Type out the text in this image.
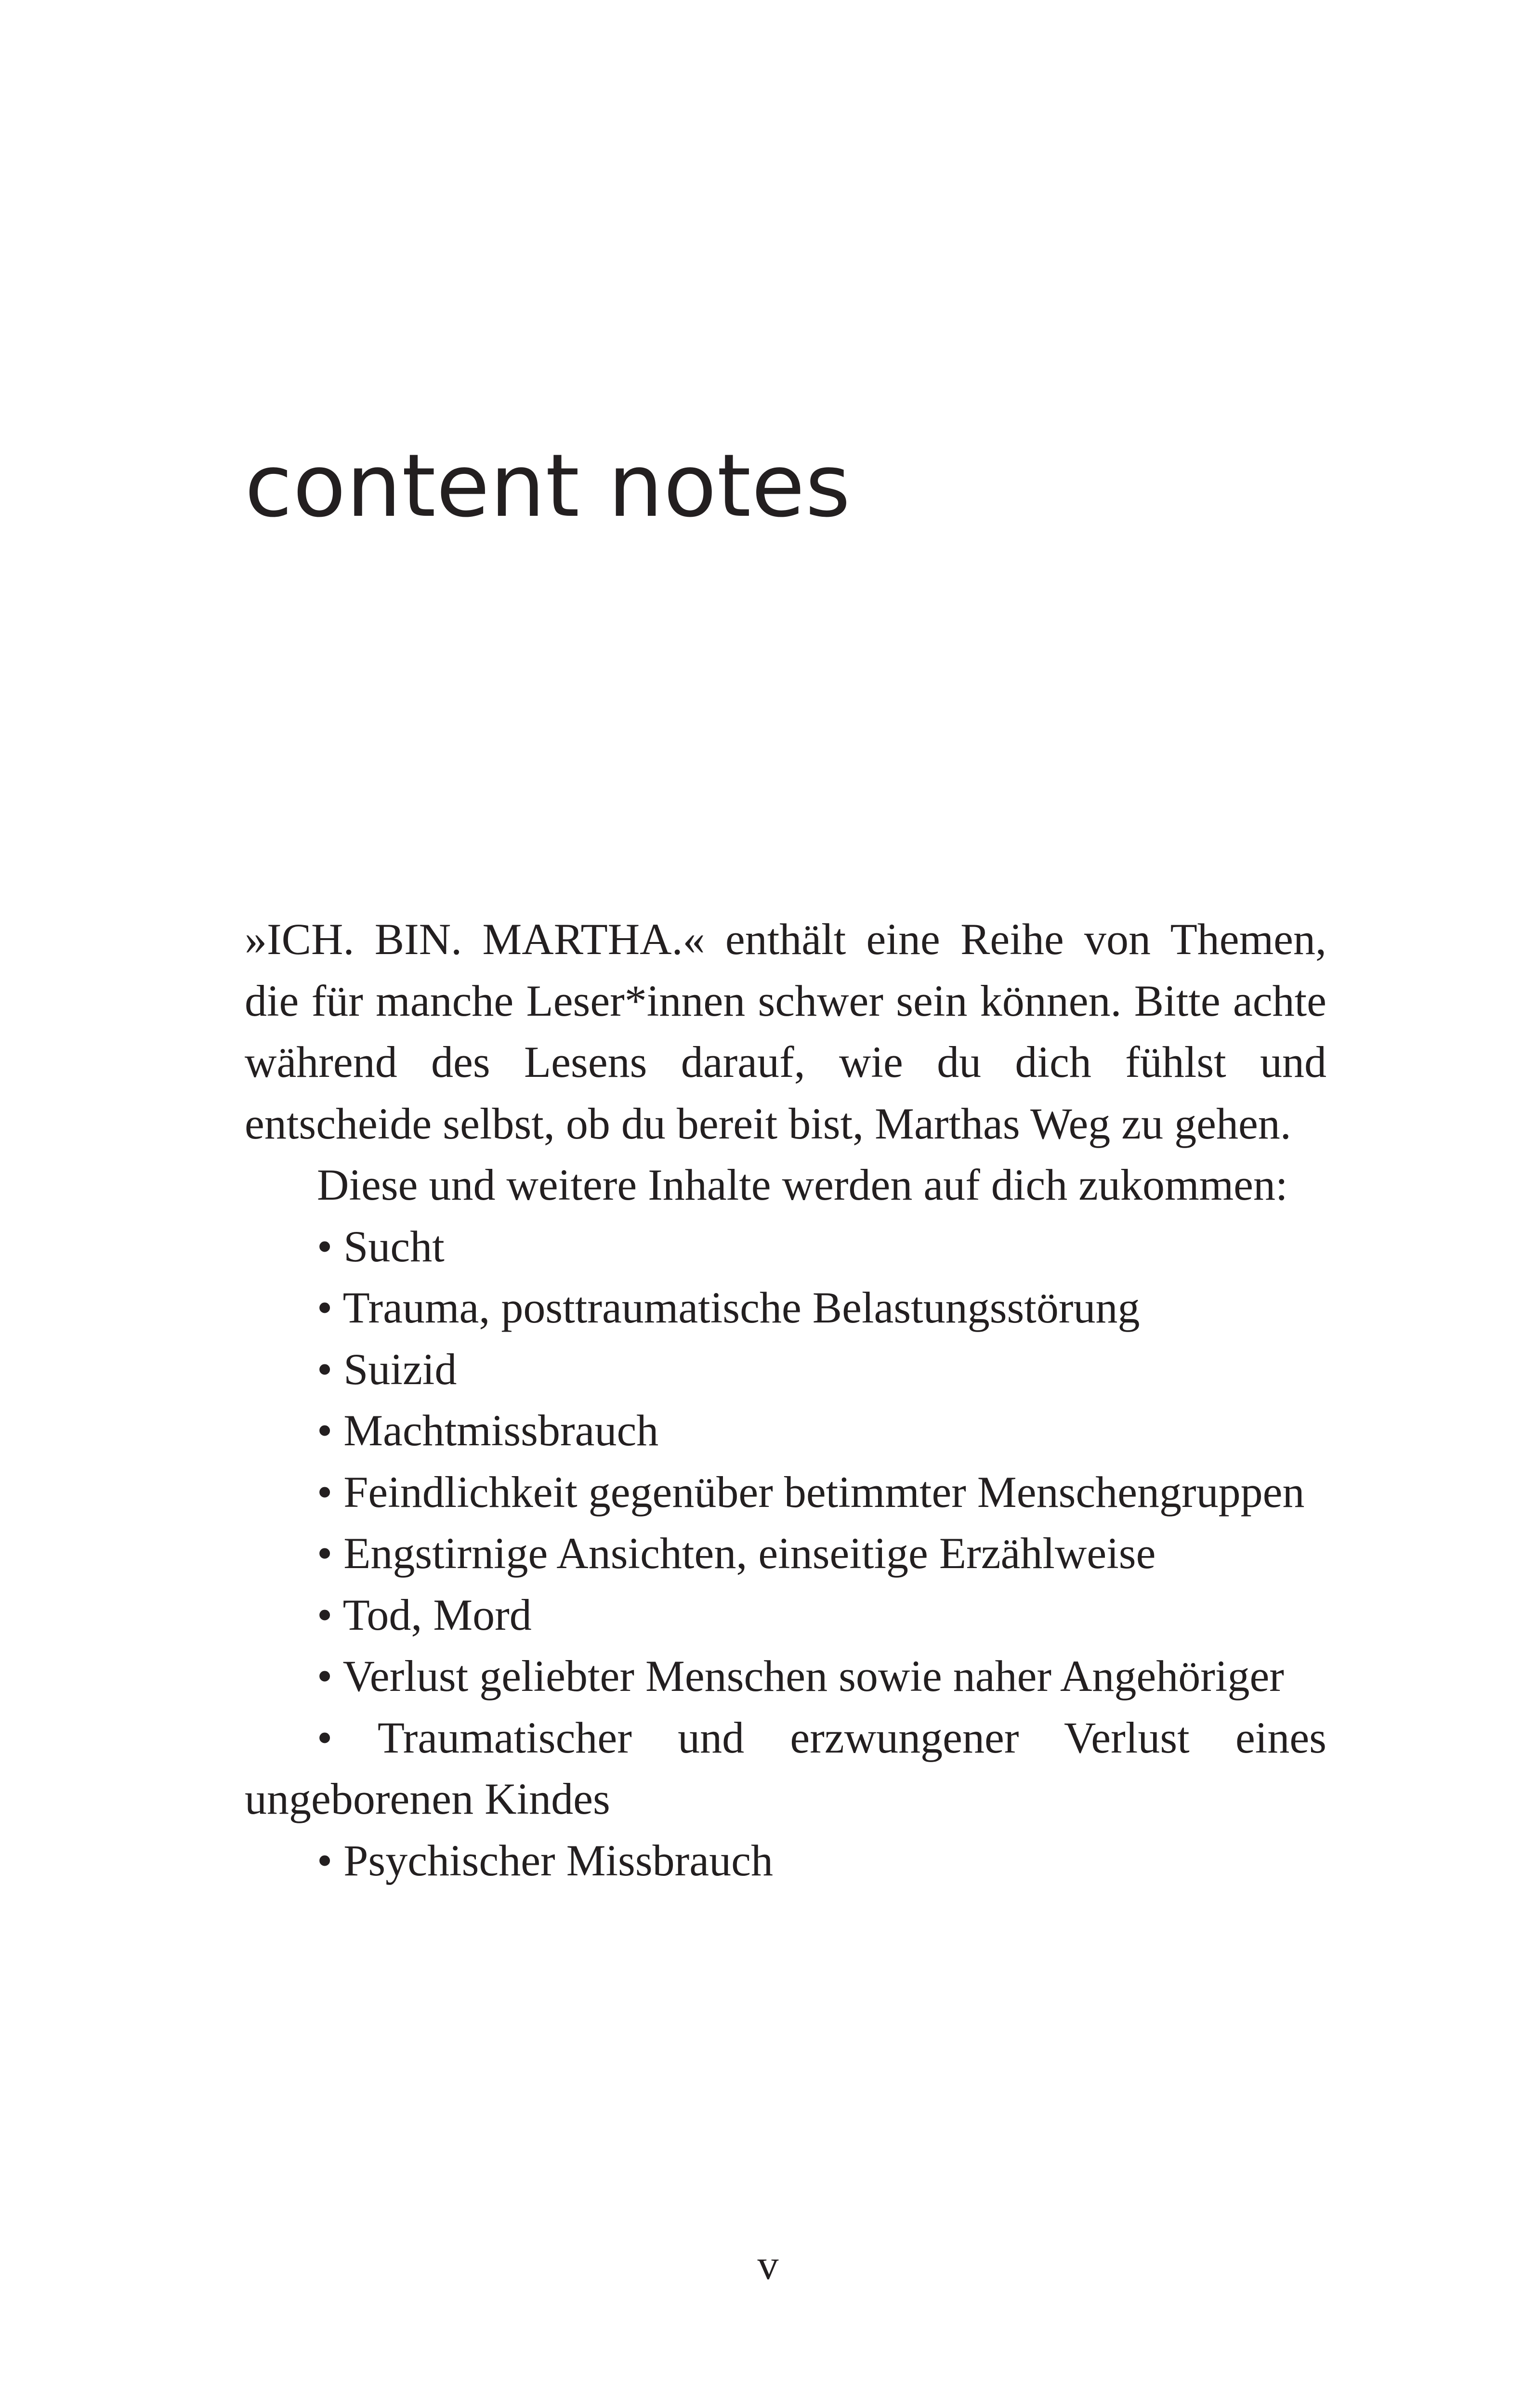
content notes

»ICH. BIN. MARTHA.« enthält eine Reihe von Themen, die für manche Leser*innen schwer sein können. Bitte achte während des Lesens darauf, wie du dich fühlst und entscheide selbst, ob du bereit bist, Marthas Weg zu gehen.

Diese und weitere Inhalte werden auf dich zukommen:

• Sucht
• Trauma, posttraumatische Belastungsstörung
• Suizid
• Machtmissbrauch
• Feindlichkeit gegenüber betimmter Menschengruppen
• Engstirnige Ansichten, einseitige Erzählweise
• Tod, Mord
• Verlust geliebter Menschen sowie naher Angehöriger
• Traumatischer und erzwungener Verlust eines ungeborenen Kindes
• Psychischer Missbrauch
v
